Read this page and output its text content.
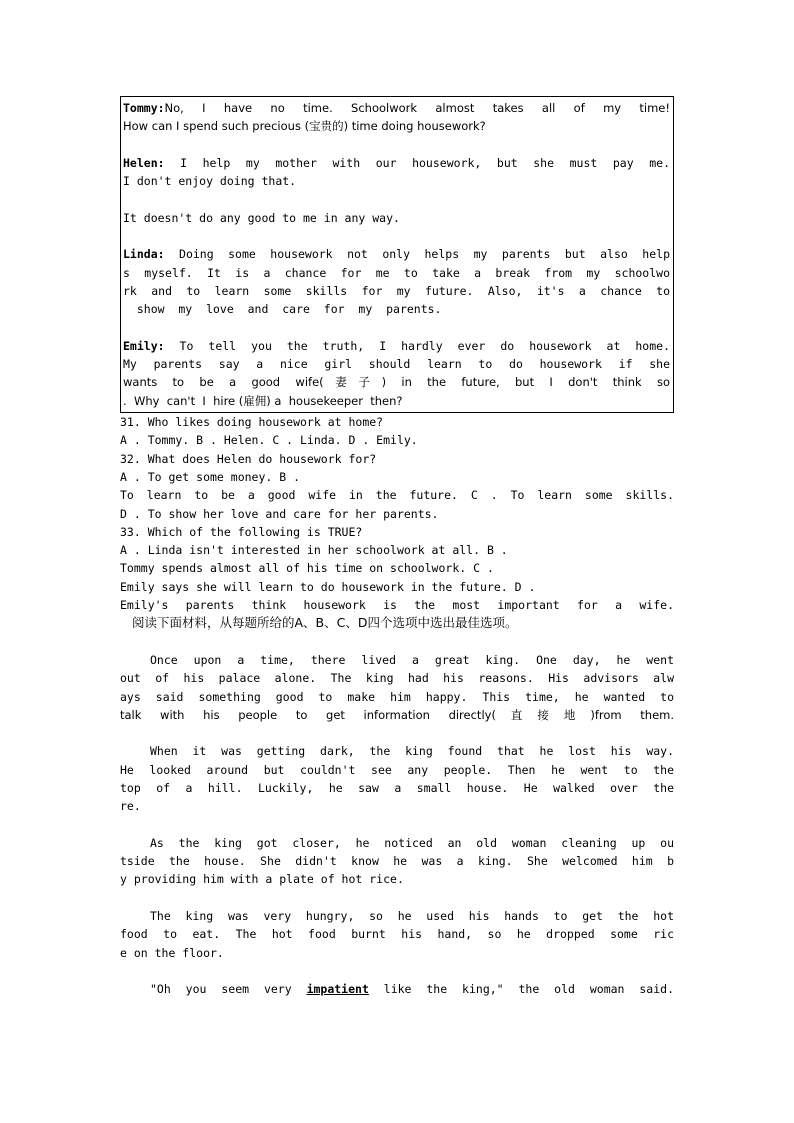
Tommy:No, I have no time. Schoolwork almost takes all of my time!
How can I spend such precious (宝贵的) time doing housework?
Helen: I help my mother with our housework, but she must pay me.
I don't enjoy doing that.
It doesn't do any good to me in any way.
Linda: Doing some housework not only helps my parents but also help
s myself. It is a chance for me to take a break from my schoolwo
rk and to learn some skills for my future. Also, it's a chance to
show  my  love  and  care  for  my  parents.
Emily: To tell you the truth, I hardly ever do housework at home.
My parents say a nice girl should learn to do housework if she
wants to be a good wife(妻子) in the future, but I don't think so
.  Why  can't  I  hire (雇佣) a  housekeeper  then?
31. Who likes doing housework at home?
A . Tommy. B . Helen. C . Linda. D . Emily.
32. What does Helen do housework for?
A . To get some money. B .
To learn to be a good wife in the future. C . To learn some skills.
D . To show her love and care for her parents.
33. Which of the following is TRUE?
A . Linda isn't interested in her schoolwork at all. B .
Tommy spends almost all of his time on schoolwork. C .
Emily says she will learn to do housework in the future. D .
Emily's parents think housework is the most important for a wife.
阅读下面材料，从每题所给的A、B、C、D四个选项中选出最佳选项。
Once upon a time, there lived a great king. One day, he went
out of his palace alone. The king had his reasons. His advisors alw
ays said something good to make him happy. This time, he wanted to
talk with his people to get information directly(直接地)from them.
When it was getting dark, the king found that he lost his way.
He looked around but couldn't see any people. Then he went to the
top of a hill. Luckily, he saw a small house. He walked over the
re.
As the king got closer, he noticed an old woman cleaning up ou
tside the house. She didn't know he was a king. She welcomed him b
y providing him with a plate of hot rice.
The king was very hungry, so he used his hands to get the hot
food to eat. The hot food burnt his hand, so he dropped some ric
e on the floor.
"Oh  you  seem  very  impatient  like  the  king,"  the  old  woman  said.
